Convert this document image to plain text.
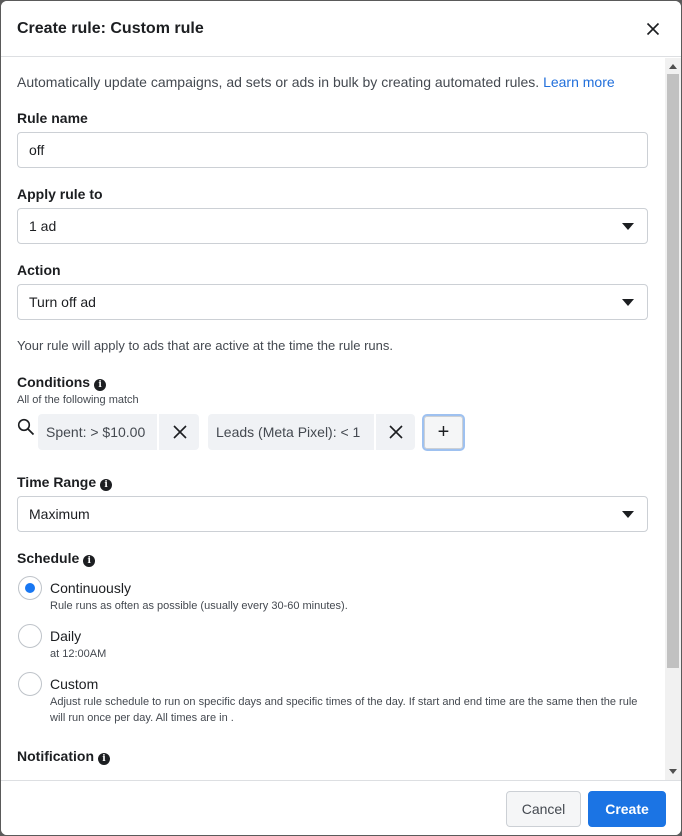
Create rule: Custom rule
Automatically update campaigns, ad sets or ads in bulk by creating automated rules. Learn more
Rule name
off
Apply rule to
1 ad
Action
Turn off ad
Your rule will apply to ads that are active at the time the rule runs.
Conditions i
All of the following match
Spent: > $10.00	Leads (Meta Pixel): < 1	+
Time Range i
Maximum
Schedule i
Continuously
Rule runs as often as possible (usually every 30-60 minutes).
Daily
at 12:00AM
Custom
Adjust rule schedule to run on specific days and specific times of the day. If start and end time are the same then the rule will run once per day. All times are in .
Notification i
Cancel	Create
